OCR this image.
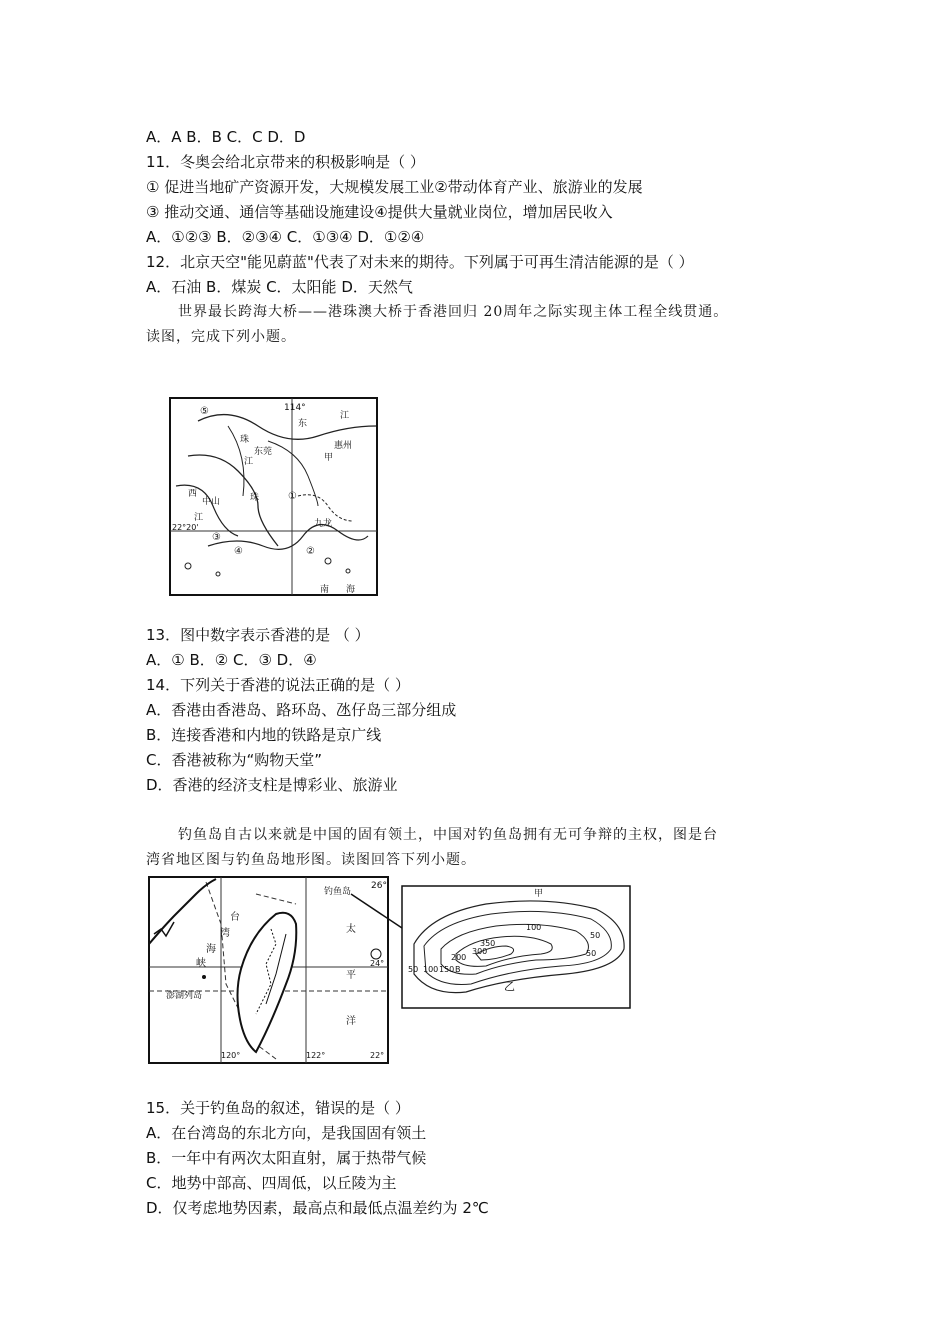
A．A B．B C．C D．D
11．冬奥会给北京带来的积极影响是（ ）
① 促进当地矿产资源开发，大规模发展工业②带动体育产业、旅游业的发展
③ 推动交通、通信等基础设施建设④提供大量就业岗位，增加居民收入
A．①②③ B．②③④ C．①③④ D．①②④
12．北京天空"能见蔚蓝"代表了对未来的期待。下列属于可再生清洁能源的是（ ）
A．石油 B．煤炭 C．太阳能 D．天然气
世界最长跨海大桥——港珠澳大桥于香港回归 20周年之际实现主体工程全线贯通。
读图，完成下列小题。
114°
东
江
珠
东莞
惠州
甲
江
西
中山	珠
江
22°20'	九龙
南 海
⑤
①
②
③
④
13．图中数字表示香港的是 （ ）
A．① B．② C．③ D．④
14．下列关于香港的说法正确的是（ ）
A．香港由香港岛、路环岛、氹仔岛三部分组成
B．连接香港和内地的铁路是京广线
C．香港被称为“购物天堂”
D．香港的经济支柱是博彩业、旅游业
钓鱼岛自古以来就是中国的固有领土，中国对钓鱼岛拥有无可争辩的主权，图是台
湾省地区图与钓鱼岛地形图。读图回答下列小题。
钓鱼岛
26°
台
湾
海
峡
澎湖列岛
太
平
洋
24°
120°	122°	22°
100
50
200
300
350
50
50 100 150 B
甲
乙
15．关于钓鱼岛的叙述，错误的是（ ）
A．在台湾岛的东北方向，是我国固有领土
B．一年中有两次太阳直射，属于热带气候
C．地势中部高、四周低，以丘陵为主
D．仅考虑地势因素，最高点和最低点温差约为 2℃
